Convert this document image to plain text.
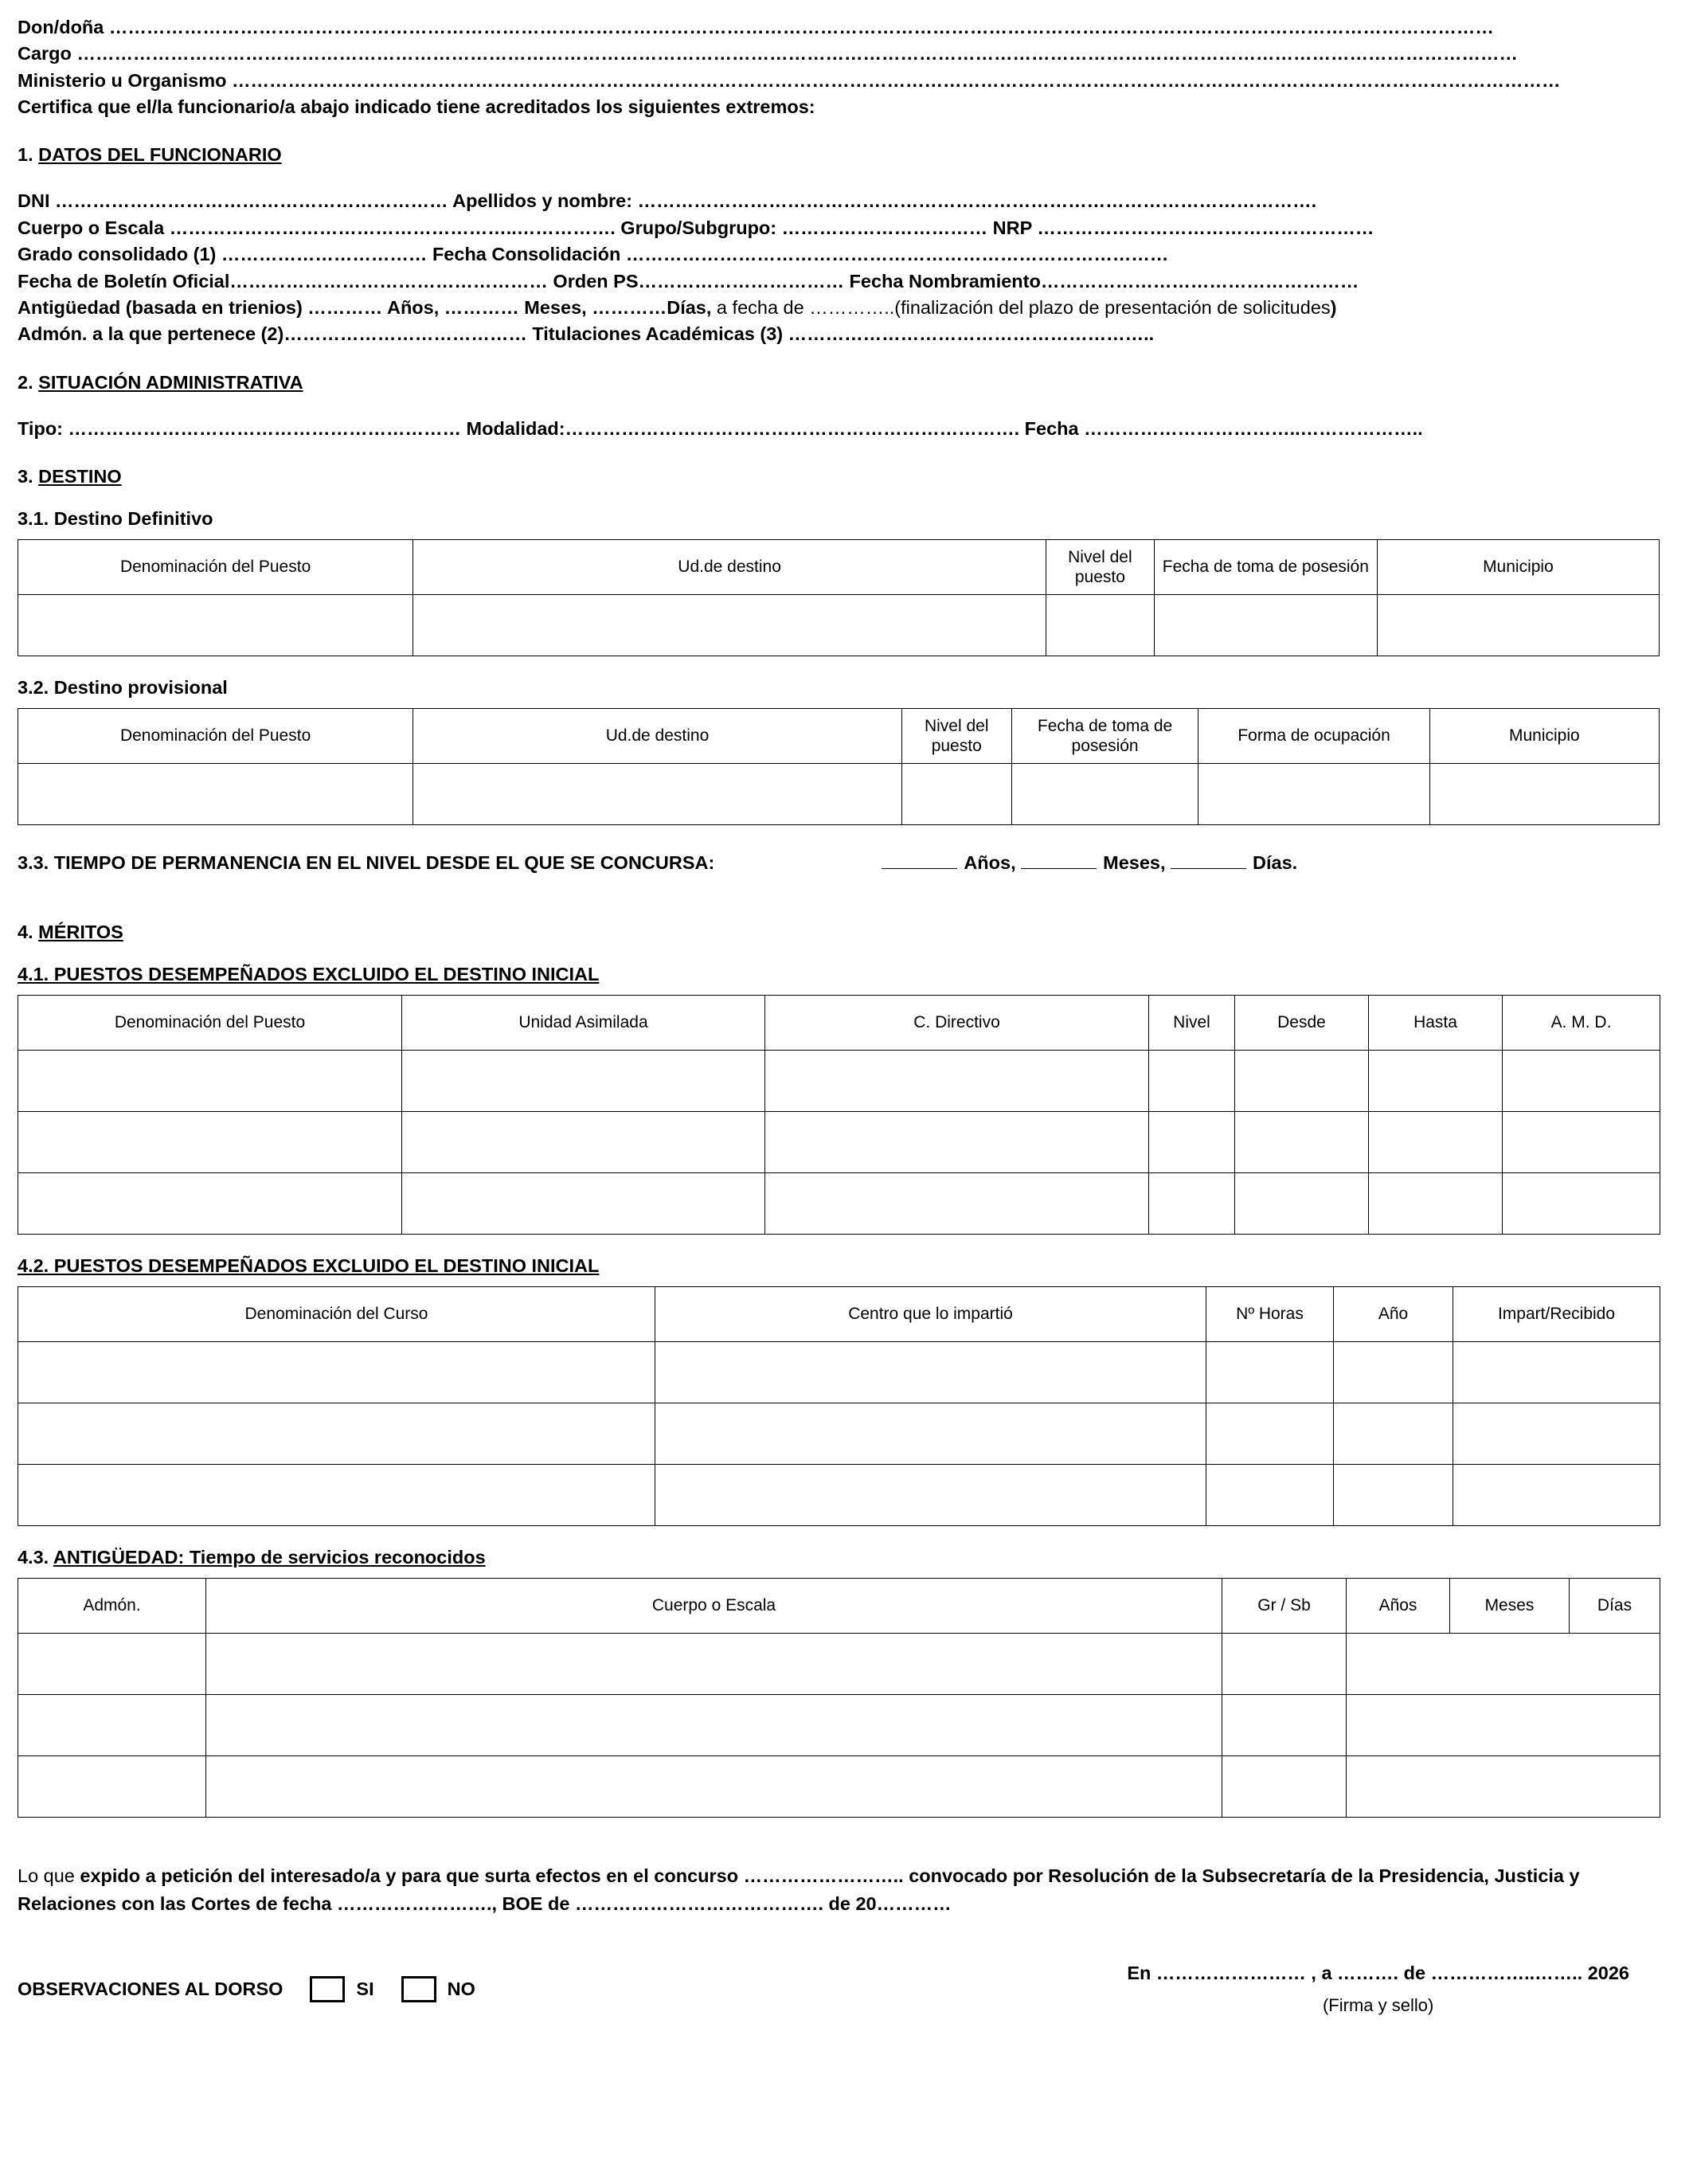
Don/doña ……………………………………………………………………………………………………………………………………………………………………………………………………
Cargo ……………………………………………………………………………………………………………………………………………………………………………………………………………
Ministerio u Organismo ……………………………………………………………………………………………………………………………………………………………………………………………
Certifica que el/la funcionario/a abajo indicado tiene acreditados los siguientes extremos:
1. DATOS DEL FUNCIONARIO
DNI ……………………………………………………… Apellidos y nombre: ……………………………………………………………………………………………….
Cuerpo o Escala ………………………………………………..……………. Grupo/Subgrupo: …………………………… NRP ………………………………………………
Grado consolidado (1) …………………………… Fecha Consolidación ……………………………………………………………………………
Fecha de Boletín Oficial…………………………………………… Orden PS…………………………… Fecha Nombramiento……………………………………………
Antigüedad (basada en trienios) ………… Años, ………… Meses, …………Días, a fecha de …………..(finalización del plazo de presentación de solicitudes)
Admón. a la que pertenece (2)………………………………… Titulaciones Académicas (3) …………………………………………………..
2. SITUACIÓN ADMINISTRATIVA
Tipo: ……………………………………………………… Modalidad:………………………………………………………………. Fecha ……………………………..………………..
3. DESTINO
3.1. Destino Definitivo
Denominación del Puesto	Ud.de destino	Nivel del puesto	Fecha de toma de posesión	Municipio

3.2. Destino provisional
Denominación del Puesto	Ud.de destino	Nivel del puesto	Fecha de toma de posesión	Forma de ocupación	Municipio

3.3. TIEMPO DE PERMANENCIA EN EL NIVEL DESDE EL QUE SE CONCURSA:	Años,	Meses,	Días.
4. MÉRITOS
4.1. PUESTOS DESEMPEÑADOS EXCLUIDO EL DESTINO INICIAL
Denominación del Puesto	Unidad Asimilada	C. Directivo	Nivel	Desde	Hasta	A. M. D.

4.2. PUESTOS DESEMPEÑADOS EXCLUIDO EL DESTINO INICIAL
Denominación del Curso	Centro que lo impartió	Nº Horas	Año	Impart/Recibido

4.3. ANTIGÜEDAD: Tiempo de servicios reconocidos
Admón.	Cuerpo o Escala	Gr / Sb	Años	Meses	Días

Lo que expido a petición del interesado/a y para que surta efectos en el concurso …………………….. convocado por Resolución de la Subsecretaría de la Presidencia, Justicia y Relaciones con las Cortes de fecha ……………………., BOE de …………………………………. de 20…………
OBSERVACIONES AL DORSO	SI	NO
En …………………… , a ………. de ……………..…….. 2026
(Firma y sello)
